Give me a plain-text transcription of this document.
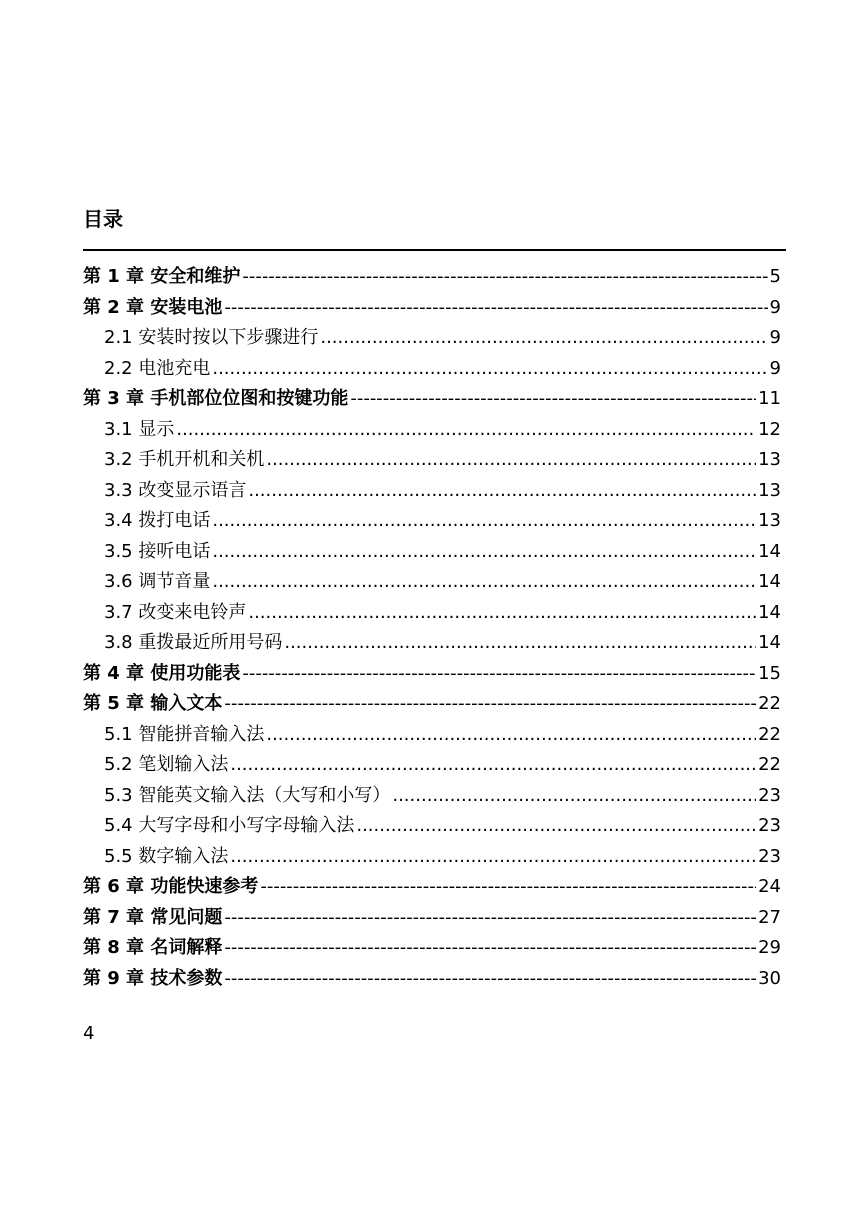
目录
第 1 章 安全和维护 -----	5
第 2 章 安装电池 -----	9
2.1 安装时按以下步骤进行 .....	9
2.2 电池充电 .....	9
第 3 章 手机部位位图和按键功能 -----	11
3.1 显示 .....	12
3.2 手机开机和关机 .....	13
3.3 改变显示语言 .....	13
3.4 拨打电话 .....	13
3.5 接听电话 .....	14
3.6 调节音量 .....	14
3.7 改变来电铃声 .....	14
3.8 重拨最近所用号码 .....	14
第 4 章 使用功能表 -----	15
第 5 章 输入文本 -----	22
5.1 智能拼音输入法 .....	22
5.2 笔划输入法 .....	22
5.3 智能英文输入法（大写和小写） .....	23
5.4 大写字母和小写字母输入法 .....	23
5.5 数字输入法 .....	23
第 6 章 功能快速参考 -----	24
第 7 章 常见问题 -----	27
第 8 章 名词解释 -----	29
第 9 章 技术参数 -----	30
4
